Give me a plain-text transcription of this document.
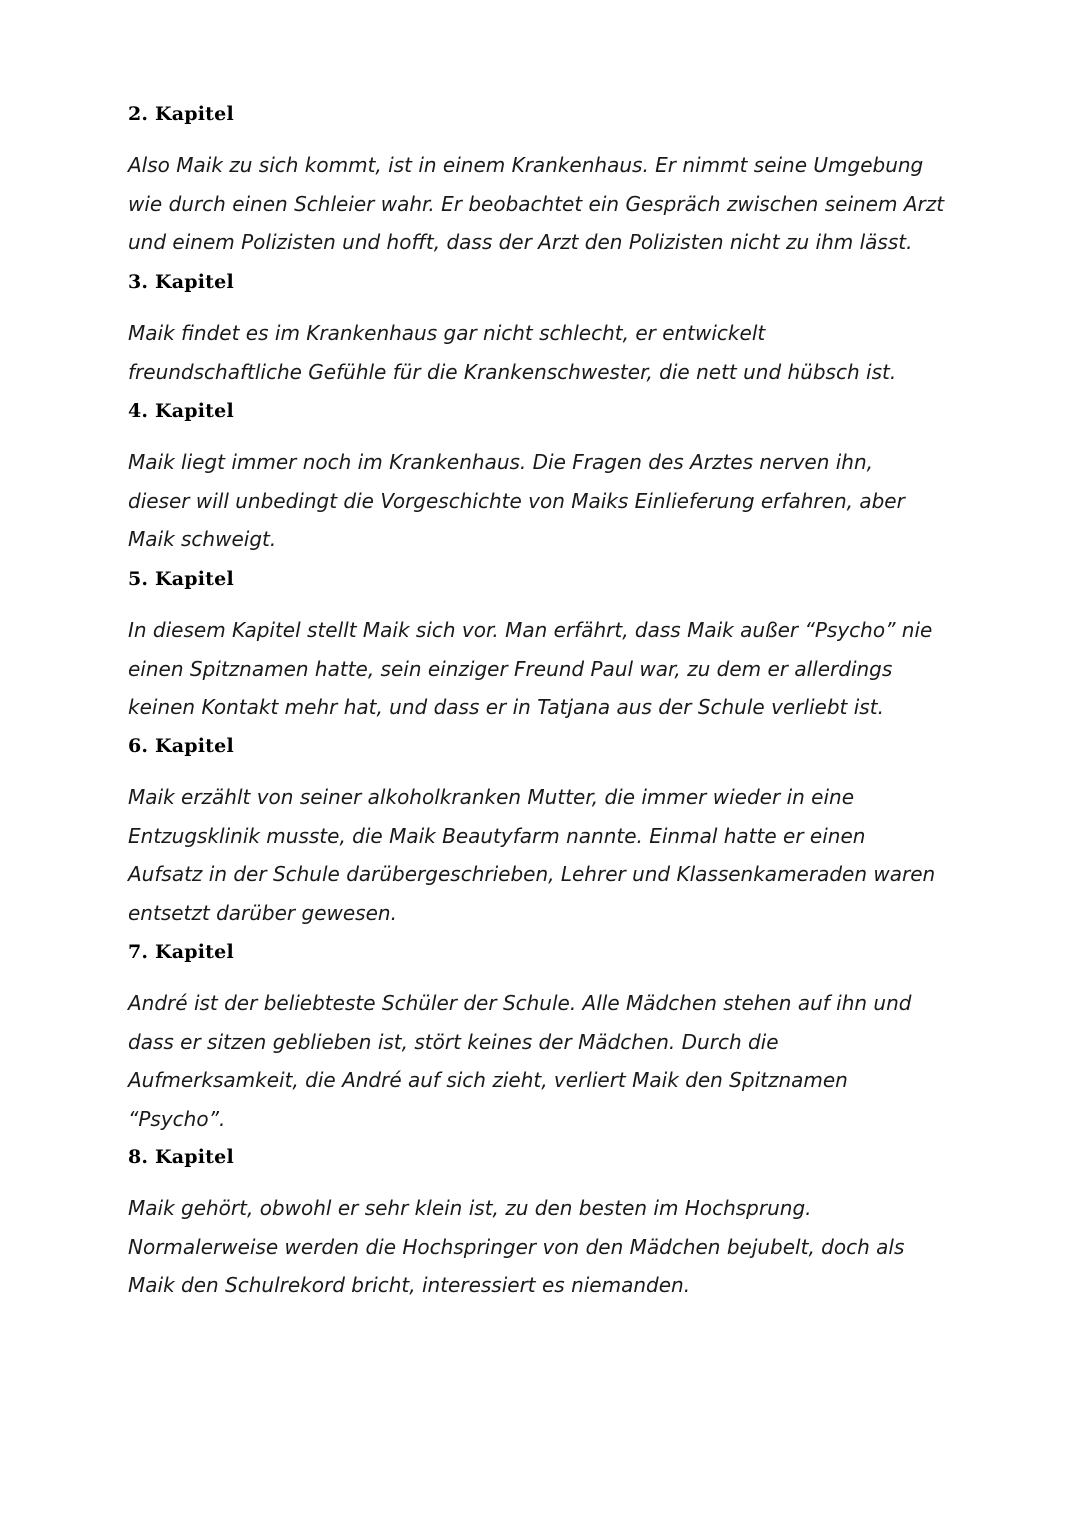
2. Kapitel

Also Maik zu sich kommt, ist in einem Krankenhaus. Er nimmt seine Umgebung
wie durch einen Schleier wahr. Er beobachtet ein Gespräch zwischen seinem Arzt
und einem Polizisten und hofft, dass der Arzt den Polizisten nicht zu ihm lässt.

3. Kapitel

Maik findet es im Krankenhaus gar nicht schlecht, er entwickelt
freundschaftliche Gefühle für die Krankenschwester, die nett und hübsch ist.

4. Kapitel

Maik liegt immer noch im Krankenhaus. Die Fragen des Arztes nerven ihn,
dieser will unbedingt die Vorgeschichte von Maiks Einlieferung erfahren, aber
Maik schweigt.

5. Kapitel

In diesem Kapitel stellt Maik sich vor. Man erfährt, dass Maik außer “Psycho” nie
einen Spitznamen hatte, sein einziger Freund Paul war, zu dem er allerdings
keinen Kontakt mehr hat, und dass er in Tatjana aus der Schule verliebt ist.

6. Kapitel

Maik erzählt von seiner alkoholkranken Mutter, die immer wieder in eine
Entzugsklinik musste, die Maik Beautyfarm nannte. Einmal hatte er einen
Aufsatz in der Schule darübergeschrieben, Lehrer und Klassenkameraden waren
entsetzt darüber gewesen.

7. Kapitel

André ist der beliebteste Schüler der Schule. Alle Mädchen stehen auf ihn und
dass er sitzen geblieben ist, stört keines der Mädchen. Durch die
Aufmerksamkeit, die André auf sich zieht, verliert Maik den Spitznamen
“Psycho”.

8. Kapitel

Maik gehört, obwohl er sehr klein ist, zu den besten im Hochsprung.
Normalerweise werden die Hochspringer von den Mädchen bejubelt, doch als
Maik den Schulrekord bricht, interessiert es niemanden.
